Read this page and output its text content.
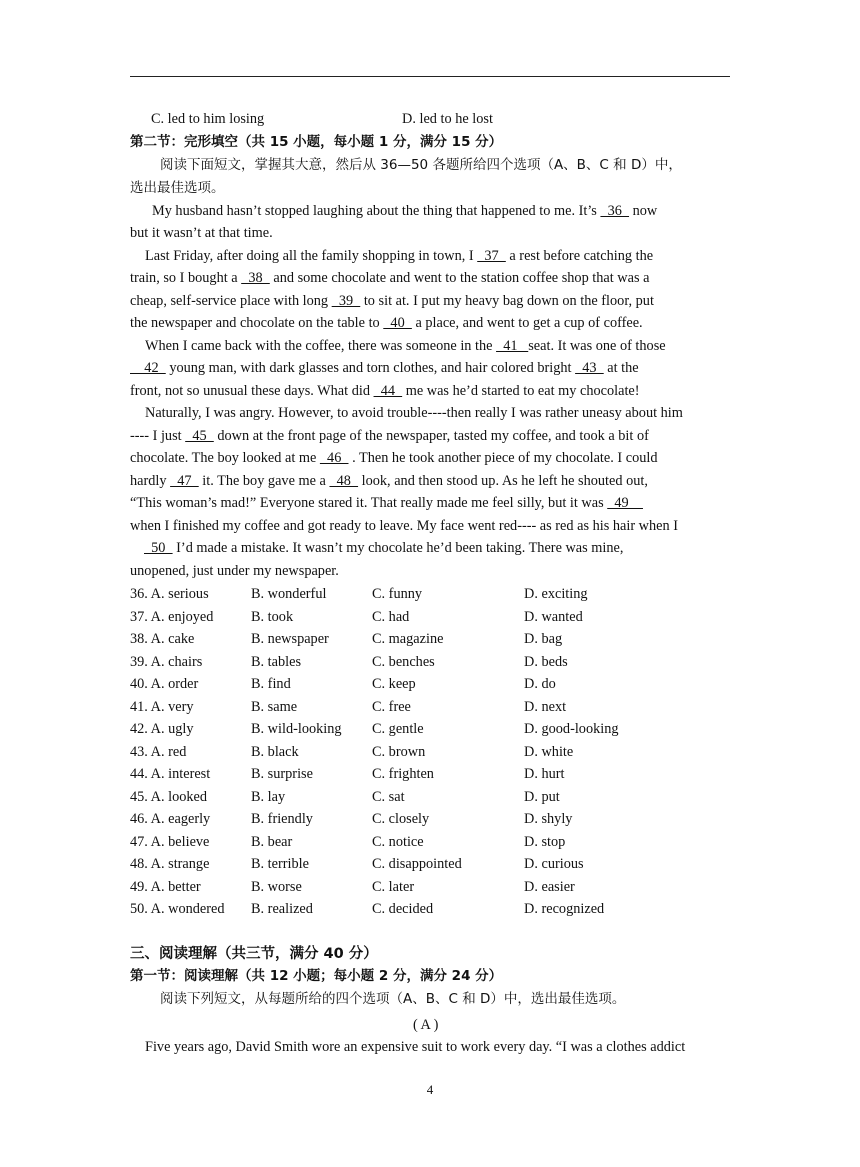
C. led to him losing	D. led to he lost
第二节：完形填空（共 15 小题，每小题 1 分，满分 15 分）
阅读下面短文，掌握其大意，然后从 36—50 各题所给四个选项（A、B、C 和 D）中，
选出最佳选项。
My husband hasn’t stopped laughing about the thing that happened to me. It’s   36   now
but it wasn’t at that time.
Last Friday, after doing all the family shopping in town, I   37   a rest before catching the
train, so I bought a   38   and some chocolate and went to the station coffee shop that was a
cheap, self-service place with long   39   to sit at. I put my heavy bag down on the floor, put
the newspaper and chocolate on the table to   40   a place, and went to get a cup of coffee.
When I came back with the coffee, there was someone in the   41   seat. It was one of those
42   young man, with dark glasses and torn clothes, and hair colored bright   43   at the
front, not so unusual these days. What did   44   me was he’d started to eat my chocolate!
Naturally, I was angry. However, to avoid trouble----then really I was rather uneasy about him
---- I just   45   down at the front page of the newspaper, tasted my coffee, and took a bit of
chocolate. The boy looked at me   46   . Then he took another piece of my chocolate. I could
hardly   47   it. The boy gave me a   48   look, and then stood up. As he left he shouted out,
“This woman’s mad!” Everyone stared it. That really made me feel silly, but it was   49
when I finished my coffee and got ready to leave. My face went red---- as red as his hair when I
50   I’d made a mistake. It wasn’t my chocolate he’d been taking. There was mine,
unopened, just under my newspaper.
36. A. serious	B. wonderful	C. funny	D. exciting
37. A. enjoyed	B. took	C. had	D. wanted
38. A. cake	B. newspaper	C. magazine	D. bag
39. A. chairs	B. tables	C. benches	D. beds
40. A. order	B. find	C. keep	D. do
41. A. very	B. same	C. free	D. next
42. A. ugly	B. wild-looking C. gentle	D. good-looking
43. A. red	B. black	C. brown	D. white
44. A. interest	B. surprise	C. frighten	D. hurt
45. A. looked	B. lay	C. sat	D. put
46. A. eagerly	B. friendly	C. closely	D. shyly
47. A. believe	B. bear	C. notice	D. stop
48. A. strange	B. terrible	C. disappointed	D. curious
49. A. better	B. worse	C. later	D. easier
50. A. wondered B. realized	C. decided	D. recognized
三、阅读理解（共三节，满分 40 分）
第一节：阅读理解（共 12 小题；每小题 2 分，满分 24 分）
阅读下列短文，从每题所给的四个选项（A、B、C 和 D）中，选出最佳选项。
( A )
Five years ago, David Smith wore an expensive suit to work every day. “I was a clothes addict
4
